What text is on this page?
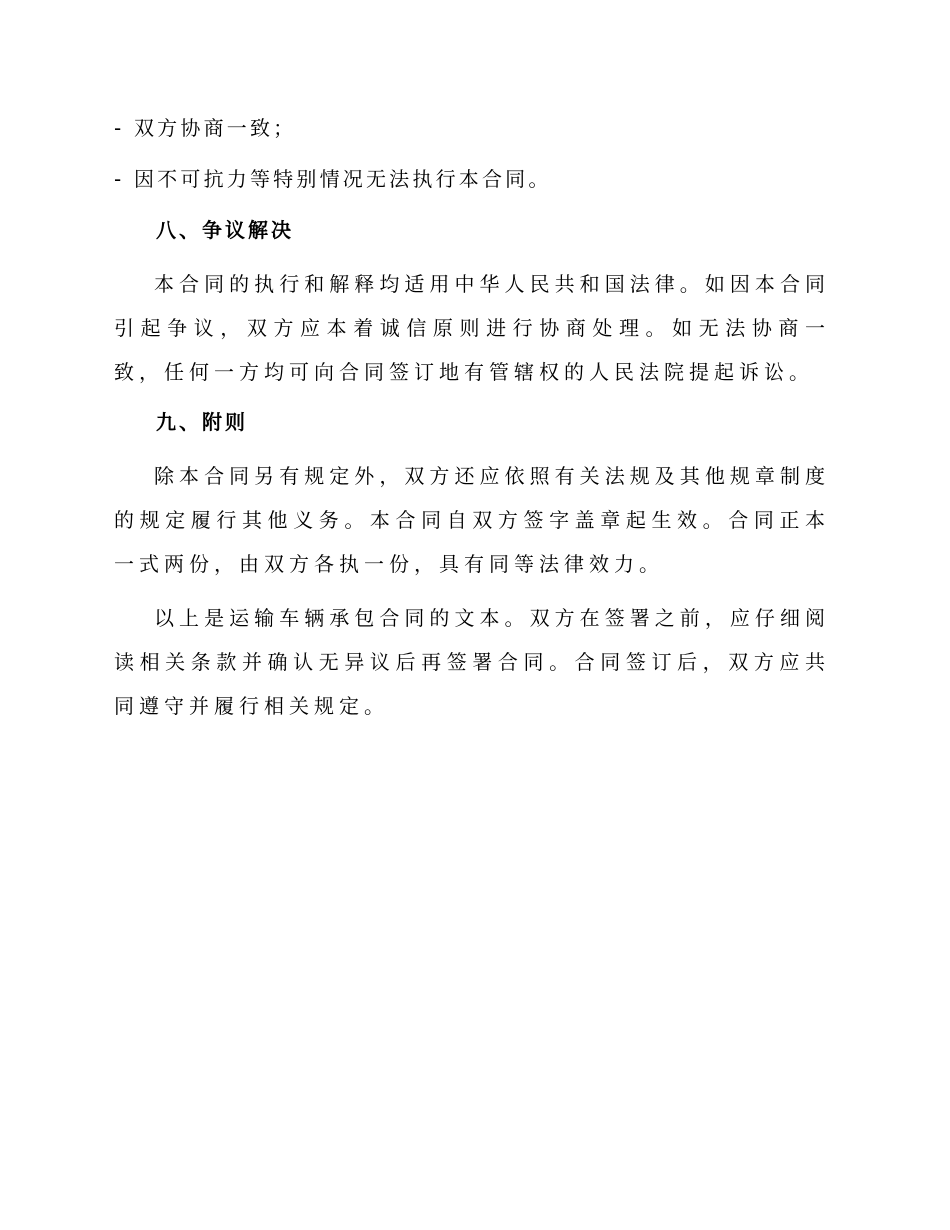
- 双方协商一致；
- 因不可抗力等特别情况无法执行本合同。
八、争议解决

本合同的执行和解释均适用中华人民共和国法律。如因本合同引起争议，双方应本着诚信原则进行协商处理。如无法协商一致，任何一方均可向合同签订地有管辖权的人民法院提起诉讼。

九、附则

除本合同另有规定外，双方还应依照有关法规及其他规章制度的规定履行其他义务。本合同自双方签字盖章起生效。合同正本一式两份，由双方各执一份，具有同等法律效力。

以上是运输车辆承包合同的文本。双方在签署之前，应仔细阅读相关条款并确认无异议后再签署合同。合同签订后，双方应共同遵守并履行相关规定。
